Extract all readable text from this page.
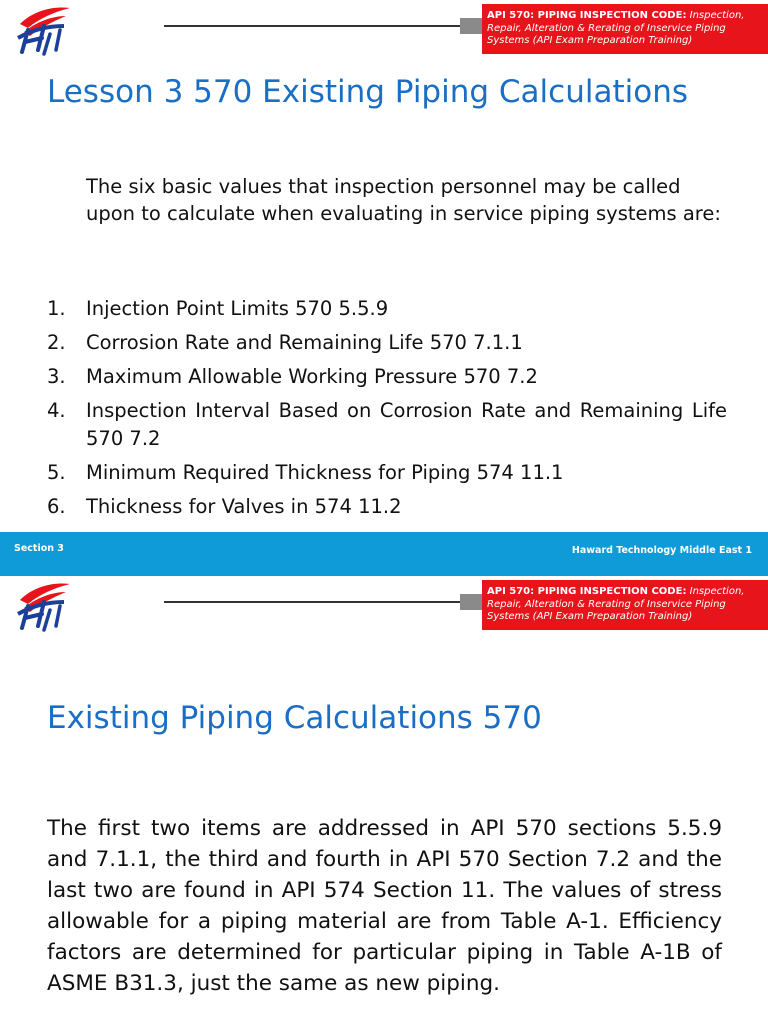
API 570: PIPING INSPECTION CODE: Inspection, Repair, Alteration & Rerating of Inservice Piping Systems (API Exam Preparation Training)
Lesson 3 570 Existing Piping Calculations

The six basic values that inspection personnel may be called upon to calculate when evaluating in service piping systems are:

1. Injection Point Limits 570 5.5.9
2. Corrosion Rate and Remaining Life 570 7.1.1
3. Maximum Allowable Working Pressure 570 7.2
4. Inspection Interval Based on Corrosion Rate and Remaining Life 570 7.2
5. Minimum Required Thickness for Piping 574 11.1
6. Thickness for Valves in 574 11.2
Section 3	Haward Technology Middle East 1
API 570: PIPING INSPECTION CODE: Inspection, Repair, Alteration & Rerating of Inservice Piping Systems (API Exam Preparation Training)
Existing Piping Calculations 570

The first two items are addressed in API 570 sections 5.5.9 and 7.1.1, the third and fourth in API 570 Section 7.2 and the last two are found in API 574 Section 11. The values of stress allowable for a piping material are from Table A-1. Efficiency factors are determined for particular piping in Table A-1B of ASME B31.3, just the same as new piping.
